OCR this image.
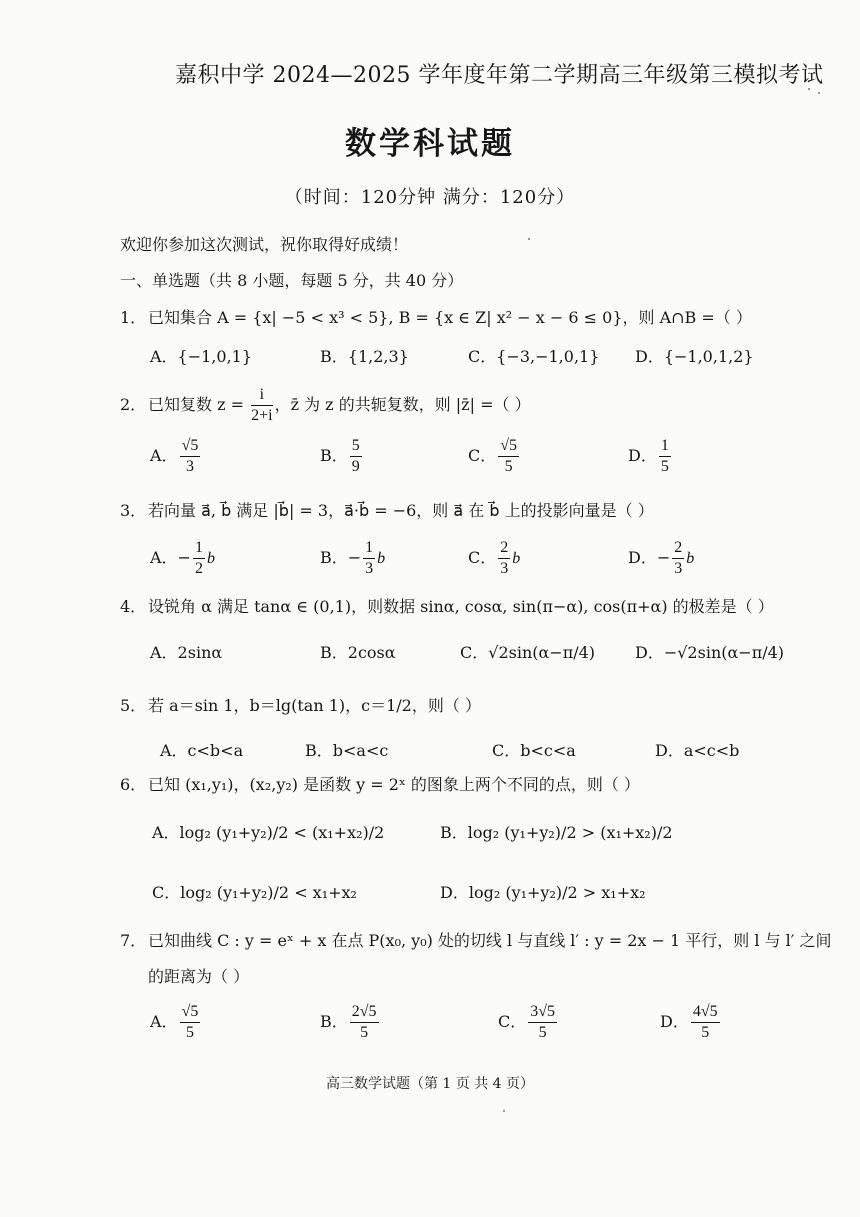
嘉积中学 2024—2025 学年度年第二学期高三年级第三模拟考试
数学科试题
（时间：120分钟 满分：120分）
欢迎你参加这次测试，祝你取得好成绩！
一、单选题（共 8 小题，每题 5 分，共 40 分）
1． 已知集合 A = {x| −5 < x³ < 5}, B = {x ∈ Z| x² − x − 6 ≤ 0}，则 A∩B =（ ）
A．{−1,0,1}	B．{1,2,3}	C．{−3,−1,0,1} D．{−1,0,1,2}
2． 已知复数 $z = \frac{i}{2+i}$ ，z̄ 为 z 的共轭复数，则 |z̄| =（ ）
A． $\frac{√5}{3}$	B． $\frac{5}{9}$	C． $\frac{√5}{5}$	D． $\frac{1}{5}$
3． 若向量 a⃗, b⃗ 满足 |b⃗| = 3，a⃗·b⃗ = −6，则 a⃗ 在 b⃗ 上的投影向量是（ ）
A．− $\frac{1}{2}$ b⃗	B．− $\frac{1}{3}$ b⃗	C． $\frac{2}{3}$ b⃗	D．− $\frac{2}{3}$ b⃗
4． 设锐角 α 满足 tanα ∈ (0,1)，则数据 sinα, cosα, sin(π−α), cos(π+α) 的极差是（ ）
A．2sinα	B．2cosα	C．√2sin(α−π/4) D．−√2sin(α−π/4)
5． 若 a＝sin 1，b＝lg(tan 1)，c＝1/2，则（ ）
A．c<b<a	B．b<a<c	C．b<c<a	D．a<c<b
6． 已知 (x₁,y₁)，(x₂,y₂) 是函数 y = 2ˣ 的图象上两个不同的点，则（ ）
A．log₂ (y₁+y₂)/2 < (x₁+x₂)/2	B．log₂ (y₁+y₂)/2 > (x₁+x₂)/2
C．log₂ (y₁+y₂)/2 < x₁+x₂	D．log₂ (y₁+y₂)/2 > x₁+x₂
7． 已知曲线 C : y = eˣ + x 在点 P(x₀, y₀) 处的切线 l 与直线 l′ : y = 2x − 1 平行，则 l 与 l′ 之间
的距离为（ ）
A． $\frac{√5}{5}$	B． $\frac{2√5}{5}$	C． $\frac{3√5}{5}$	D． $\frac{4√5}{5}$
高三数学试题（第 1 页 共 4 页）
